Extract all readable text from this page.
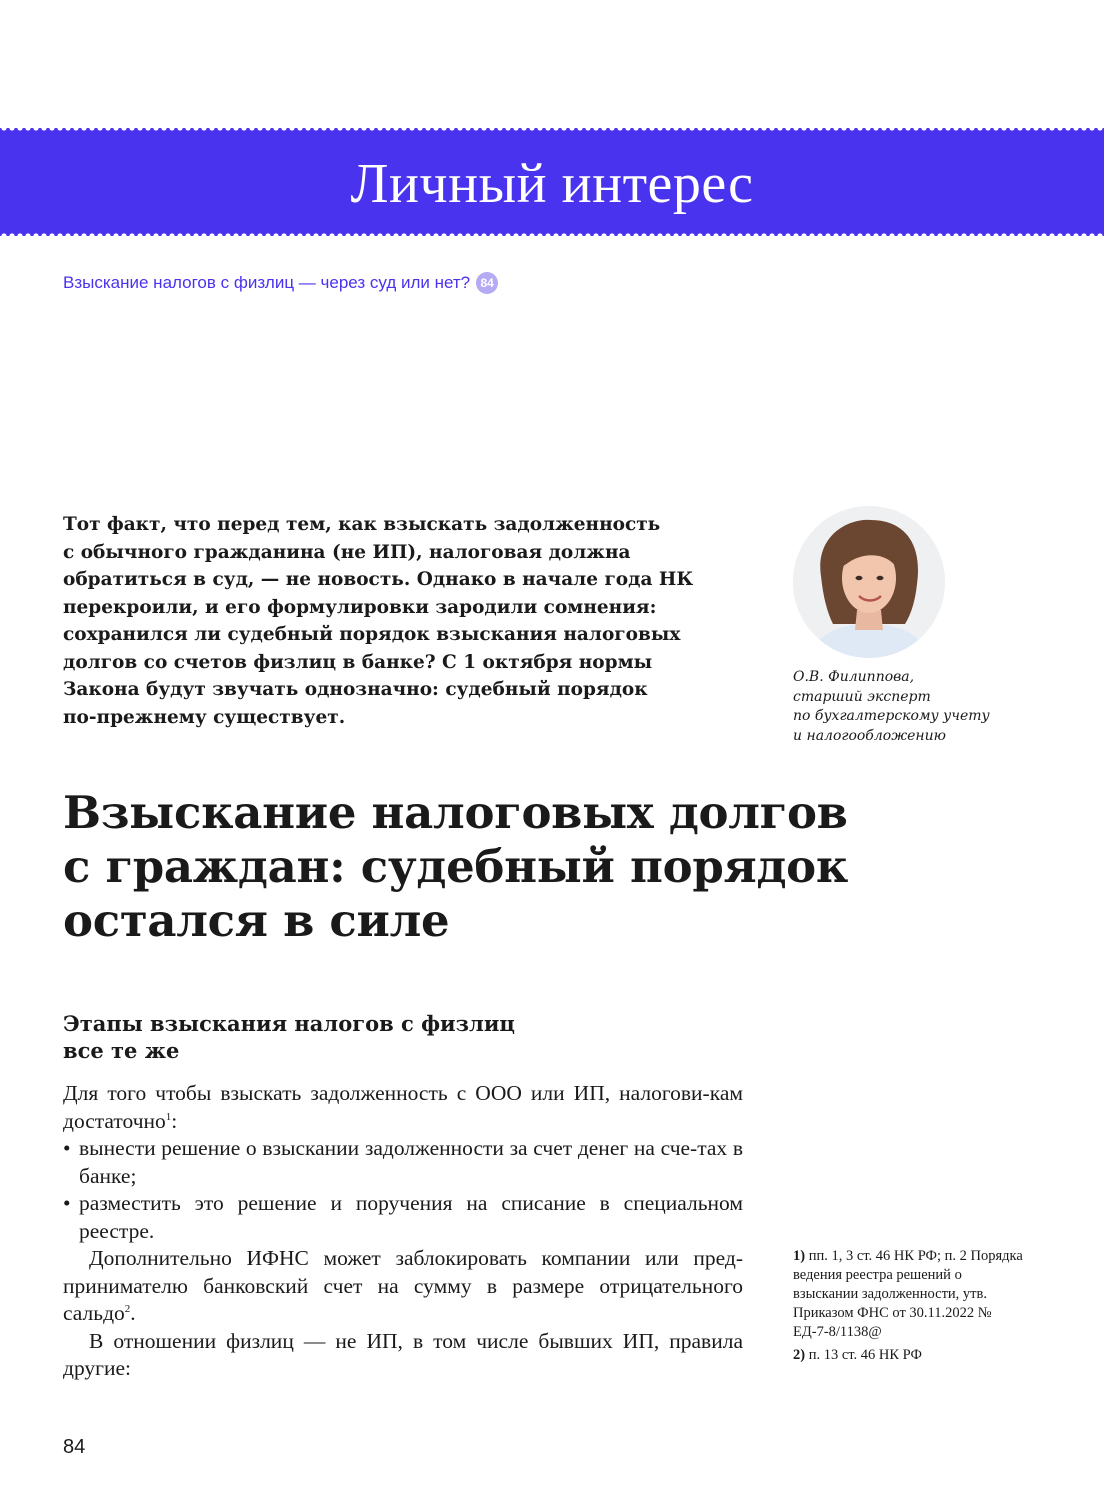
Личный интерес
Взыскание налогов с физлиц — через суд или нет? 84

Тот факт, что перед тем, как взыскать задолженность
с обычного гражданина (не ИП), налоговая должна
обратиться в суд, — не новость. Однако в начале года НК
перекроили, и его формулировки зародили сомнения:
сохранился ли судебный порядок взыскания налоговых
долгов со счетов физлиц в банке? С 1 октября нормы
Закона будут звучать однозначно: судебный порядок
по-прежнему существует.

О.В. Филиппова,
старший эксперт
по бухгалтерскому учету
и налогообложению
Взыскание налоговых долгов
с граждан: судебный порядок
остался в силе
Этапы взыскания налогов с физлиц
все те же

Для того чтобы взыскать задолженность с ООО или ИП, налогови-кам достаточно$^1$:

• вынести решение о взыскании задолженности за счет денег на сче-тах в банке;
• разместить это решение и поручения на списание в специальном реестре.

Дополнительно ИФНС может заблокировать компании или пред-принимателю банковский счет на сумму в размере отрицательного сальдо$^2$.

В отношении физлиц — не ИП, в том числе бывших ИП, правила другие:

1) пп. 1, 3 ст. 46 НК РФ; п. 2 Порядка ведения реестра решений о взыскании задолженности, утв. Приказом ФНС от 30.11.2022 № ЕД-7-8/1138@

2) п. 13 ст. 46 НК РФ

84
